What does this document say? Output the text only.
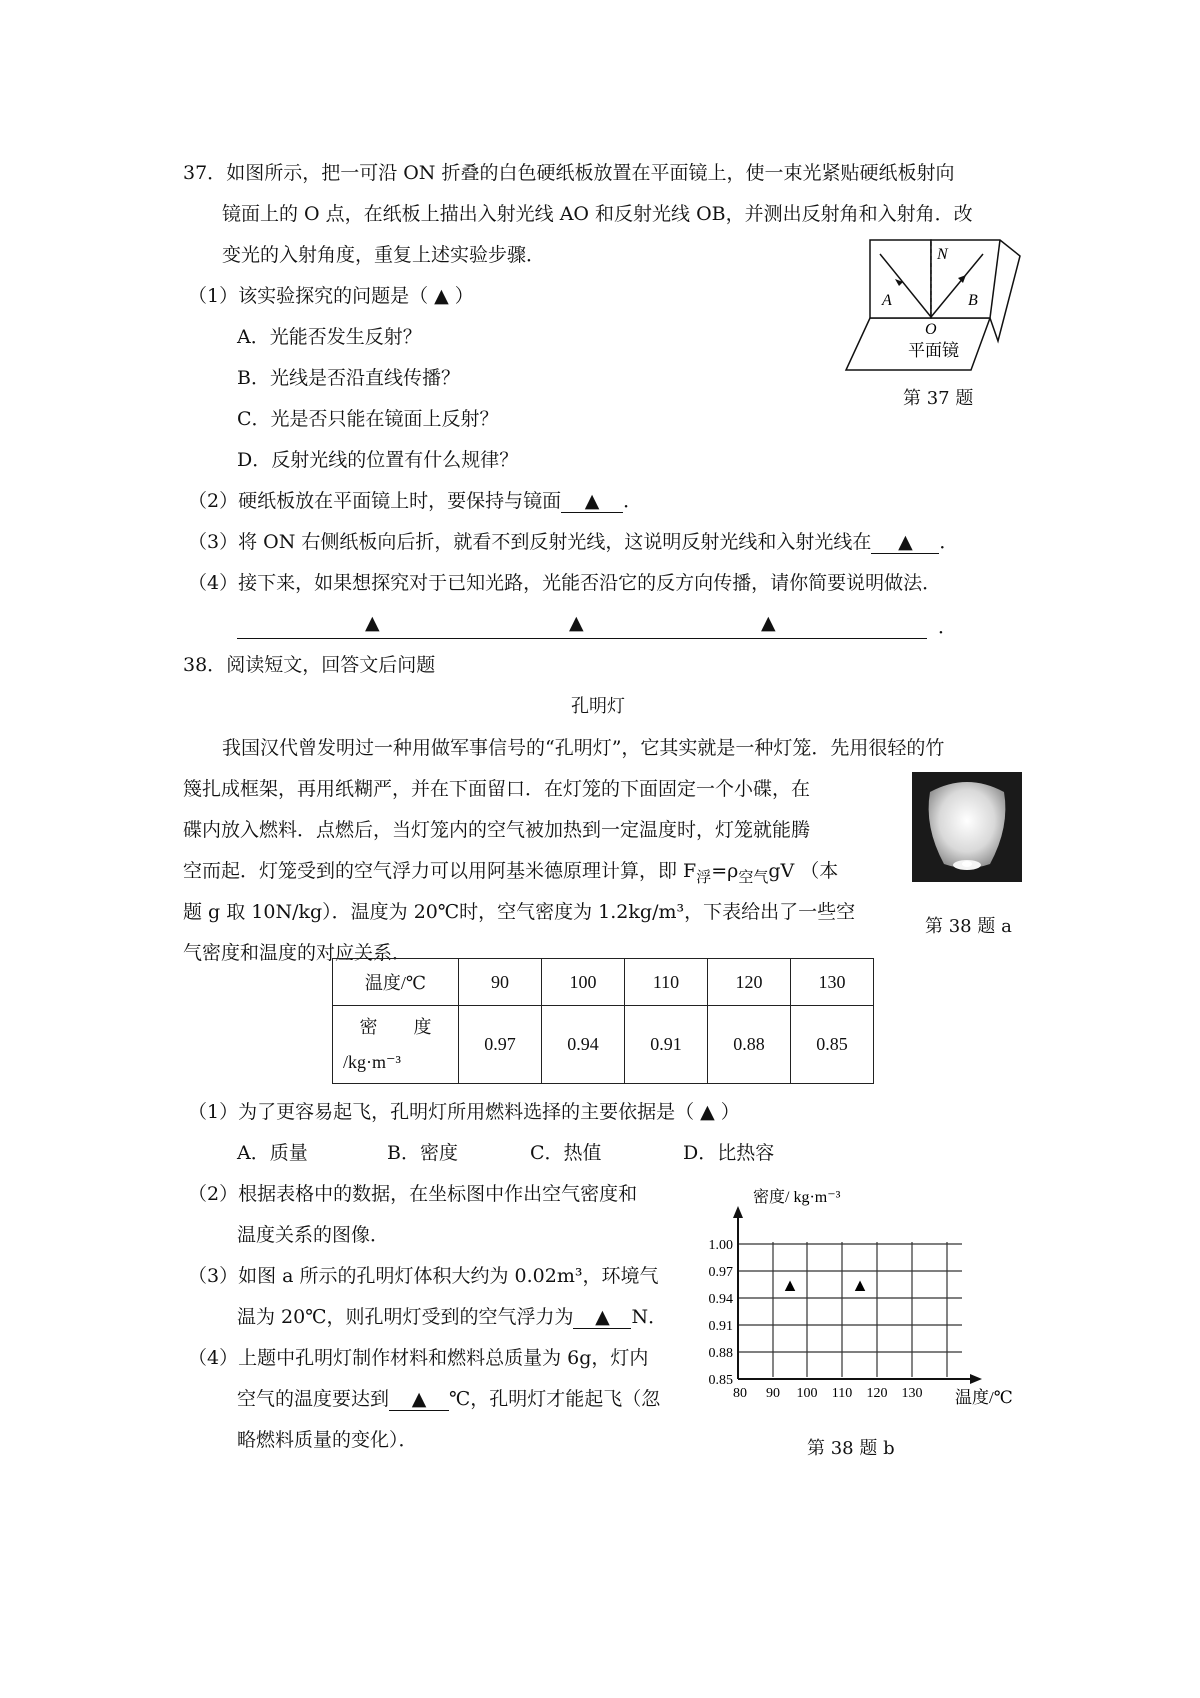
37．如图所示，把一可沿 ON 折叠的白色硬纸板放置在平面镜上，使一束光紧贴硬纸板射向
镜面上的 O 点，在纸板上描出入射光线 AO 和反射光线 OB，并测出反射角和入射角．改
变光的入射角度，重复上述实验步骤．
（1）该实验探究的问题是（ ▲ ）
A．光能否发生反射？
B．光线是否沿直线传播？
C．光是否只能在镜面上反射？
D．反射光线的位置有什么规律？
（2）硬纸板放在平面镜上时，要保持与镜面 ▲ ．
（3）将 ON 右侧纸板向后折，就看不到反射光线，这说明反射光线和入射光线在 ▲ ．
（4）接下来，如果想探究对于已知光路，光能否沿它的反方向传播，请你简要说明做法．
▲	▲	▲	．
N
A	B
O
平面镜
第 37 题
38．阅读短文，回答文后问题
孔明灯
我国汉代曾发明过一种用做军事信号的“孔明灯”，它其实就是一种灯笼．先用很轻的竹
篾扎成框架，再用纸糊严，并在下面留口．在灯笼的下面固定一个小碟，在
碟内放入燃料．点燃后，当灯笼内的空气被加热到一定温度时，灯笼就能腾
空而起．灯笼受到的空气浮力可以用阿基米德原理计算，即 $F_浮=\rho_{空气}gV$ （本
题 g 取 10N/kg）．温度为 20℃时，空气密度为 1.2kg/m³，下表给出了一些空
气密度和温度的对应关系．
第 38 题 a
温度/℃	90	100	110	120	130

密　　度
/kg·m⁻³	0.97	0.94	0.91	0.88	0.85
（1）为了更容易起飞，孔明灯所用燃料选择的主要依据是（ ▲ ）
A．质量	B．密度	C．热值	D．比热容
（2）根据表格中的数据，在坐标图中作出空气密度和
温度关系的图像．
（3）如图 a 所示的孔明灯体积大约为 0.02m³，环境气
温为 20℃，则孔明灯受到的空气浮力为 ▲ N．
（4）上题中孔明灯制作材料和燃料总质量为 6g，灯内
空气的温度要达到 ▲ ℃，孔明灯才能起飞（忽
略燃料质量的变化）．
密度/ kg·m⁻³
温度/℃
1.00
0.97
0.94
0.91
0.88
0.85
80 90 100 110 120 130
▲	▲
第 38 题 b
